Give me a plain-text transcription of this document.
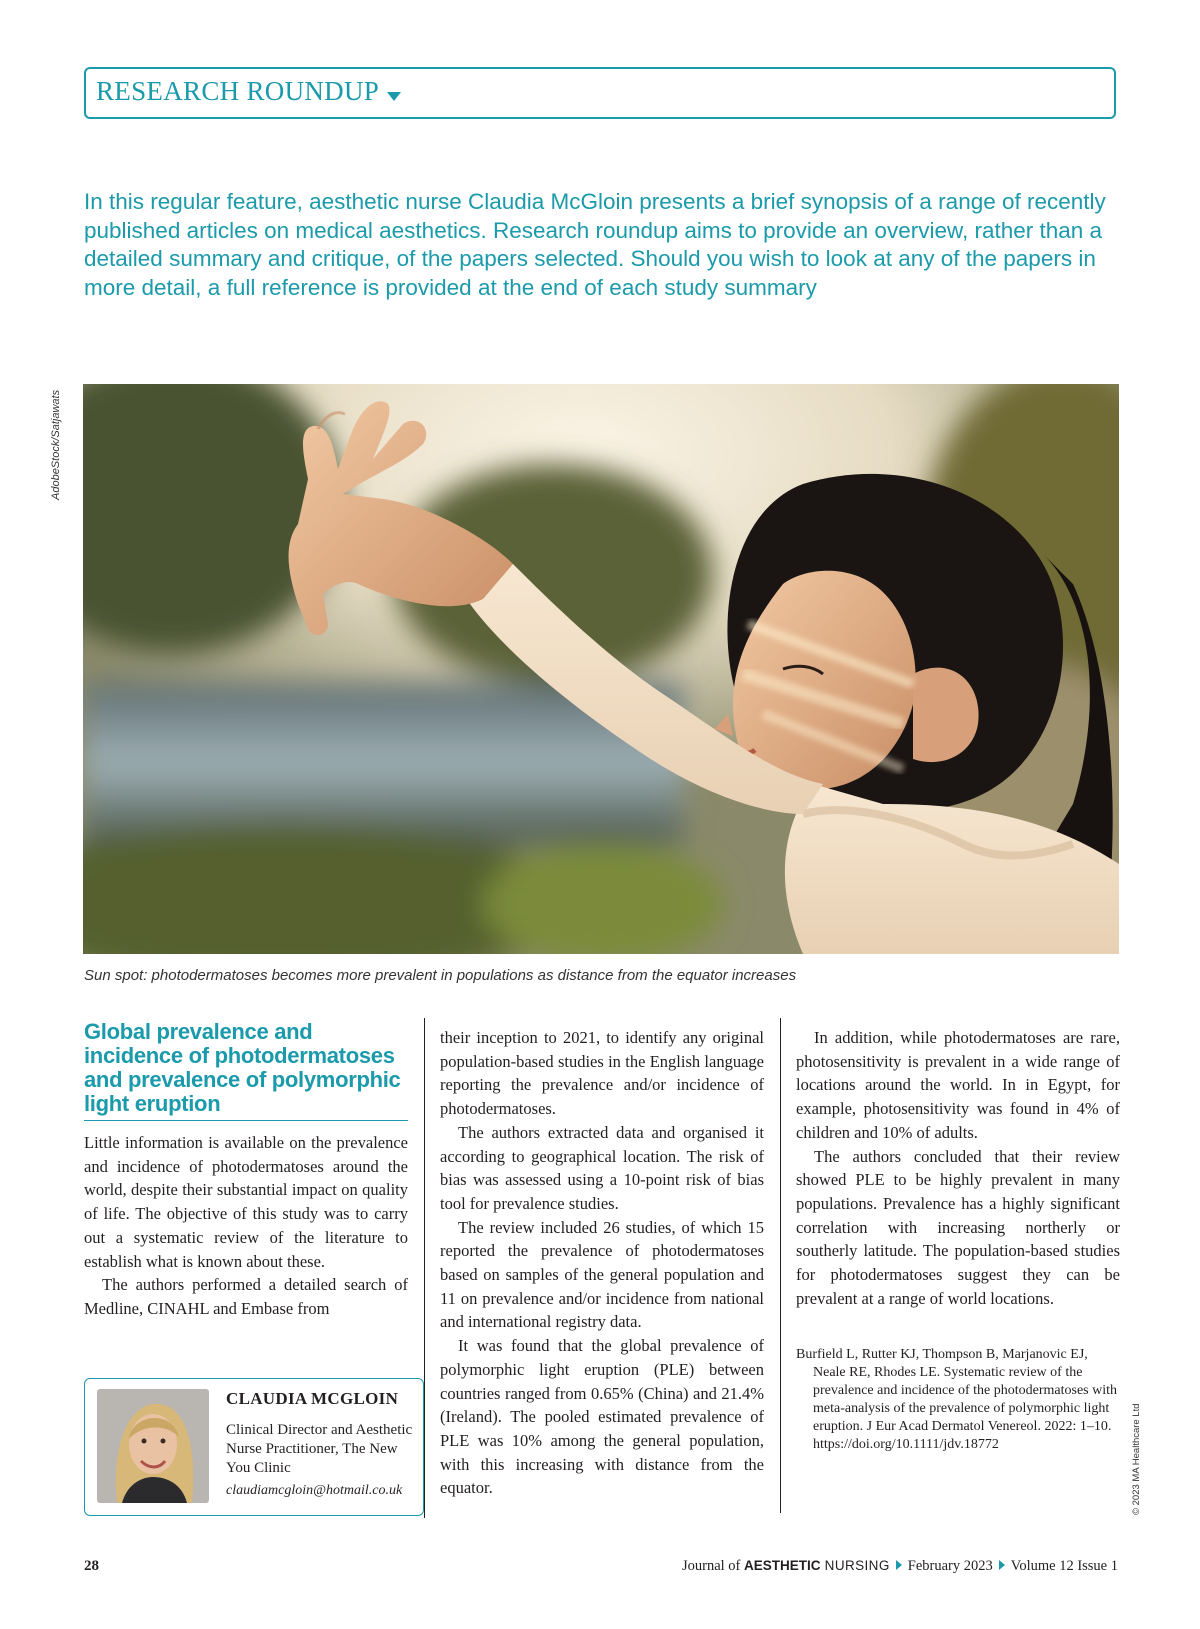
RESEARCH ROUNDUP

In this regular feature, aesthetic nurse Claudia McGloin presents a brief synopsis of a range of recently published articles on medical aesthetics. Research roundup aims to provide an overview, rather than a detailed summary and critique, of the papers selected. Should you wish to look at any of the papers in more detail, a full reference is provided at the end of each study summary

AdobeStock/Satjawats

Sun spot: photodermatoses becomes more prevalent in populations as distance from the equator increases

Global prevalence and incidence of photodermatoses and prevalence of polymorphic light eruption

Little information is available on the prevalence and incidence of photodermatoses around the world, despite their substantial impact on quality of life. The objective of this study was to carry out a systematic review of the literature to establish what is known about these.

The authors performed a detailed search of Medline, CINAHL and Embase from

CLAUDIA MCGLOIN
Clinical Director and Aesthetic Nurse Practitioner, The New You Clinic
claudiamcgloin@hotmail.co.uk

their inception to 2021, to identify any original population-based studies in the English language reporting the prevalence and/or incidence of photodermatoses.

The authors extracted data and organised it according to geographical location. The risk of bias was assessed using a 10-point risk of bias tool for prevalence studies.

The review included 26 studies, of which 15 reported the prevalence of photodermatoses based on samples of the general population and 11 on prevalence and/or incidence from national and international registry data.

It was found that the global prevalence of polymorphic light eruption (PLE) between countries ranged from 0.65% (China) and 21.4% (Ireland). The pooled estimated prevalence of PLE was 10% among the general population, with this increasing with distance from the equator.

In addition, while photodermatoses are rare, photosensitivity is prevalent in a wide range of locations around the world. In in Egypt, for example, photosensitivity was found in 4% of children and 10% of adults.

The authors concluded that their review showed PLE to be highly prevalent in many populations. Prevalence has a highly significant correlation with increasing northerly or southerly latitude. The population-based studies for photodermatoses suggest they can be prevalent at a range of world locations.

Burfield L, Rutter KJ, Thompson B, Marjanovic EJ, Neale RE, Rhodes LE. Systematic review of the prevalence and incidence of the photodermatoses with meta-analysis of the prevalence of polymorphic light eruption. J Eur Acad Dermatol Venereol. 2022: 1–10. https://doi.org/10.1111/jdv.18772	© 2023 MA Healthcare Ltd
28	Journal of AESTHETIC NURSING February 2023 Volume 12 Issue 1
